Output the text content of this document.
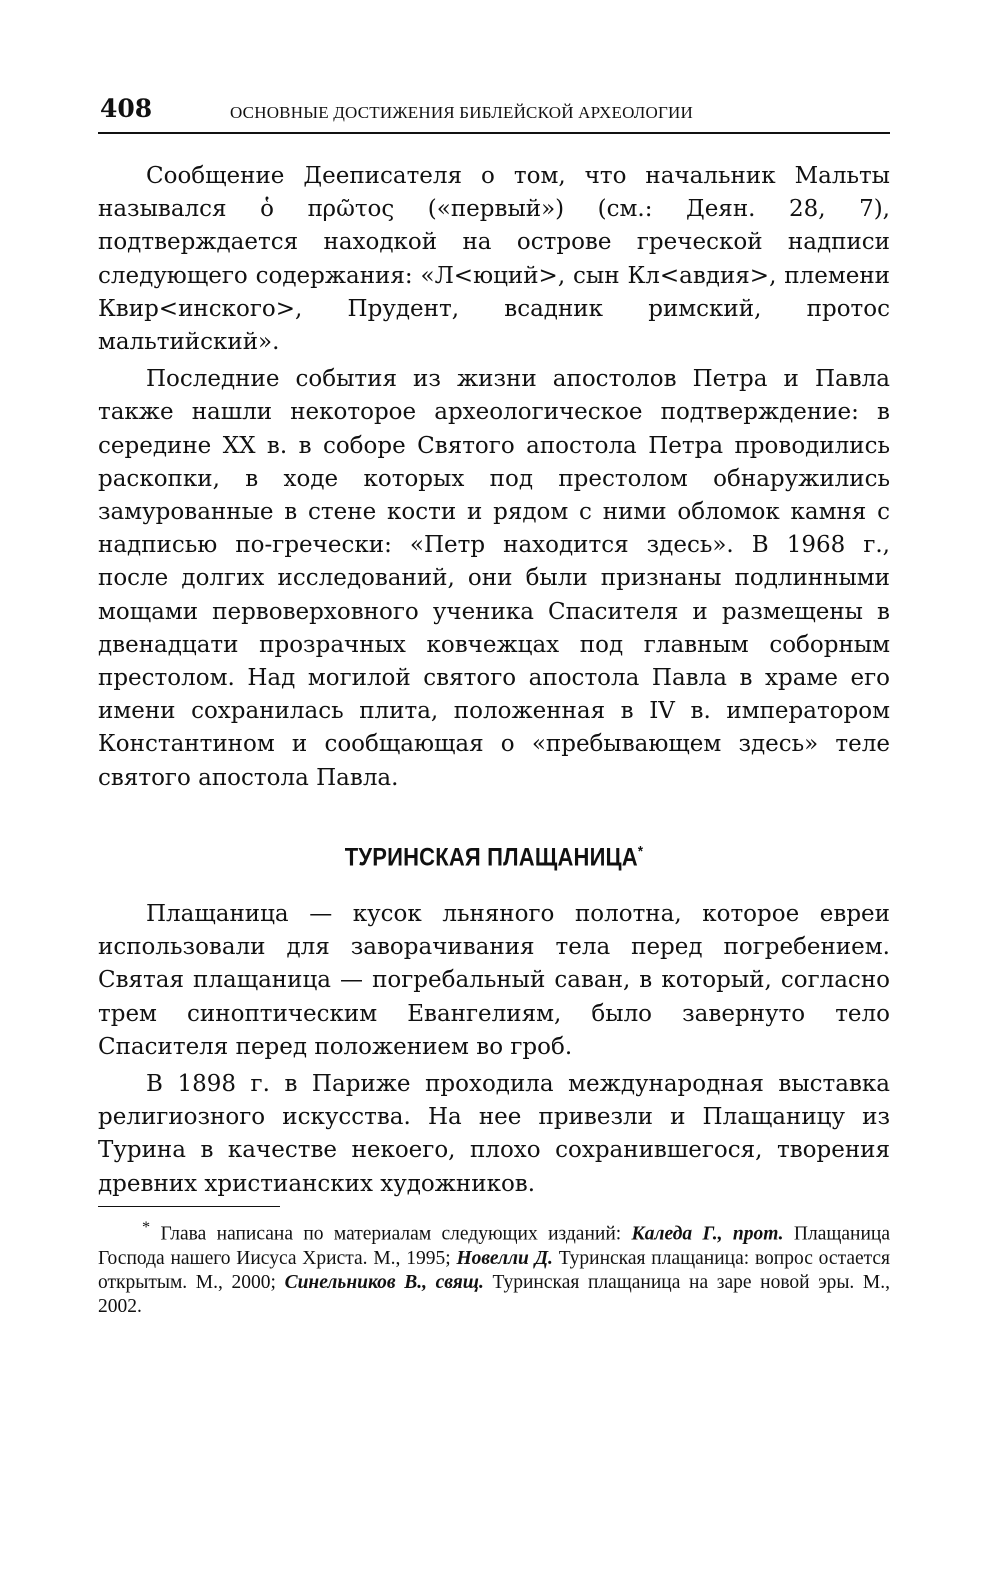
408	ОСНОВНЫЕ ДОСТИЖЕНИЯ БИБЛЕЙСКОЙ АРХЕОЛОГИИ

Сообщение Дееписателя о том, что начальник Мальты назывался ὁ πρῶτος («первый») (см.: Деян. 28, 7), подтверждается находкой на острове греческой надписи следующего содержания: «Л<юций>, сын Кл<авдия>, племени Квир<инского>, Прудент, всадник римский, протос мальтийский».

Последние события из жизни апостолов Петра и Павла также нашли некоторое археологическое подтверждение: в середине XX в. в соборе Святого апостола Петра проводились раскопки, в ходе которых под престолом обнаружились замурованные в стене кости и рядом с ними обломок камня с надписью по-гречески: «Петр находится здесь». В 1968 г., после долгих исследований, они были признаны подлинными мощами первоверховного ученика Спасителя и размещены в двенадцати прозрачных ковчежцах под главным соборным престолом. Над могилой святого апостола Павла в храме его имени сохранилась плита, положенная в IV в. императором Константином и сообщающая о «пребывающем здесь» теле святого апостола Павла.

ТУРИНСКАЯ ПЛАЩАНИЦА*

Плащаница — кусок льняного полотна, которое евреи использовали для заворачивания тела перед погребением. Святая плащаница — погребальный саван, в который, согласно трем синоптическим Евангелиям, было завернуто тело Спасителя перед положением во гроб.

В 1898 г. в Париже проходила международная выставка религиозного искусства. На нее привезли и Плащаницу из Турина в качестве некоего, плохо сохранившегося, творения древних христианских художников.

* Глава написана по материалам следующих изданий: Каледа Г., прот. Плащаница Господа нашего Иисуса Христа. М., 1995; Новелли Д. Туринская плащаница: вопрос остается открытым. М., 2000; Синельников В., свящ. Туринская плащаница на заре новой эры. М., 2002.
